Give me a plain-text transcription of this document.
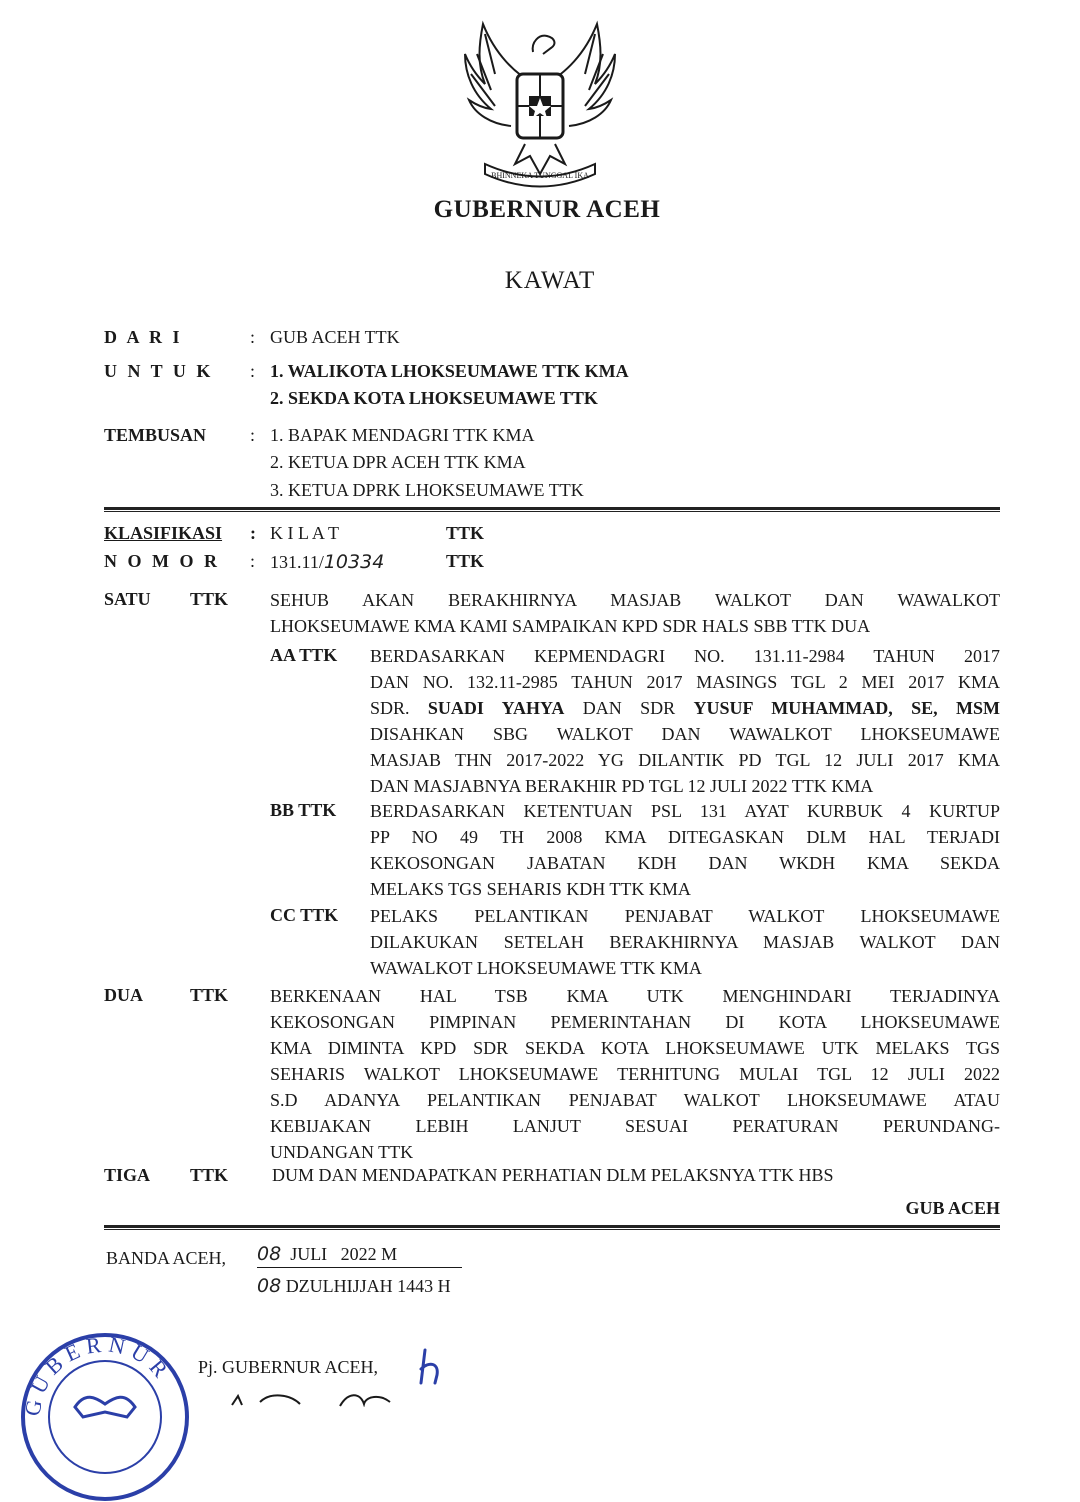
BHINNEKA TUNGGAL IKA
GUBERNUR ACEH
KAWAT
D A R I	: GUB ACEH TTK
U N T U K : 1. WALIKOTA LHOKSEUMAWE TTK KMA
2. SEKDA KOTA LHOKSEUMAWE TTK
TEMBUSAN : 1. BAPAK MENDAGRI TTK KMA
2. KETUA DPR ACEH TTK KMA
3. KETUA DPRK LHOKSEUMAWE TTK
KLASIFIKASI : K I L A T	TTK
N O M O R : 131.11/10334	TTK
SATU TTK SEHUB AKAN BERAKHIRNYA MASJAB WALKOT DAN WAWALKOT
LHOKSEUMAWE KMA KAMI SAMPAIKAN KPD SDR HALS SBB TTK DUA
AA TTK BERDASARKAN KEPMENDAGRI NO. 131.11-2984 TAHUN 2017
DAN NO. 132.11-2985 TAHUN 2017 MASINGS TGL 2 MEI 2017 KMA
SDR. SUADI YAHYA DAN SDR YUSUF MUHAMMAD, SE, MSM
DISAHKAN SBG WALKOT DAN WAWALKOT LHOKSEUMAWE
MASJAB THN 2017-2022 YG DILANTIK PD TGL 12 JULI 2017 KMA
DAN MASJABNYA BERAKHIR PD TGL 12 JULI 2022 TTK KMA
BB TTK BERDASARKAN KETENTUAN PSL 131 AYAT KURBUK 4 KURTUP
PP NO 49 TH 2008 KMA DITEGASKAN DLM HAL TERJADI
KEKOSONGAN JABATAN KDH DAN WKDH KMA SEKDA
MELAKS TGS SEHARIS KDH TTK KMA
CC TTK PELAKS PELANTIKAN PENJABAT WALKOT LHOKSEUMAWE
DILAKUKAN SETELAH BERAKHIRNYA MASJAB WALKOT DAN
WAWALKOT LHOKSEUMAWE TTK KMA
DUA	TTK BERKENAAN HAL TSB KMA UTK MENGHINDARI TERJADINYA
KEKOSONGAN PIMPINAN PEMERINTAHAN DI KOTA LHOKSEUMAWE
KMA DIMINTA KPD SDR SEKDA KOTA LHOKSEUMAWE UTK MELAKS TGS
SEHARIS WALKOT LHOKSEUMAWE TERHITUNG MULAI TGL 12 JULI 2022
S.D ADANYA PELANTIKAN PENJABAT WALKOT LHOKSEUMAWE ATAU
KEBIJAKAN LEBIH LANJUT SESUAI PERATURAN PERUNDANG-
UNDANGAN TTK
TIGA TTK DUM DAN MENDAPATKAN PERHATIAN DLM PELAKSNYA TTK HBS
GUB ACEH
BANDA ACEH, 08 JULI   2022 M
08 DZULHIJJAH 1443 H
Pj. GUBERNUR ACEH,
GUBERNUR
